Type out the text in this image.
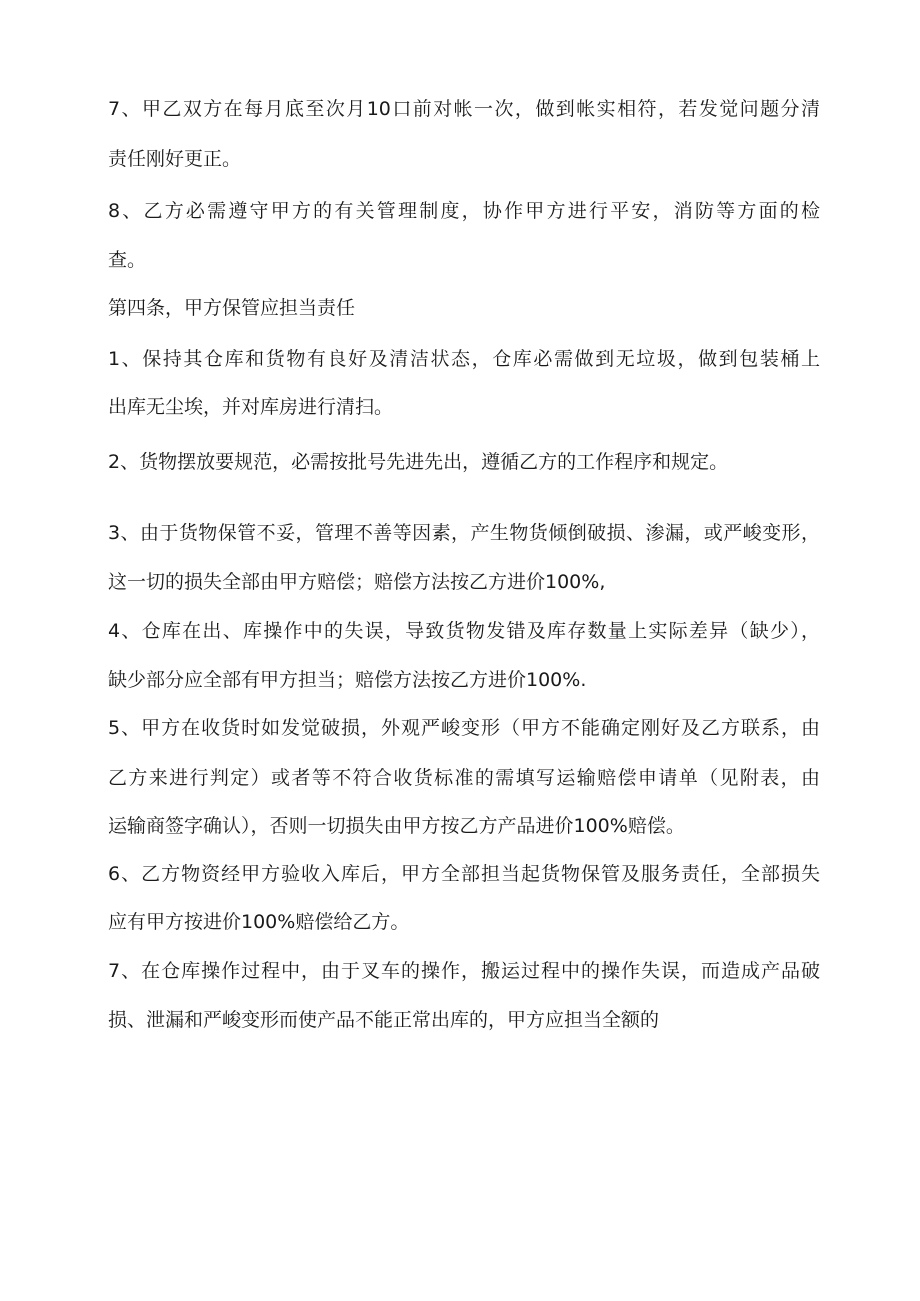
7、甲乙双方在每月底至次月10口前对帐一次，做到帐实相符，若发觉问题分清
责任刚好更正。
8、乙方必需遵守甲方的有关管理制度，协作甲方进行平安，消防等方面的检
查。
第四条，甲方保管应担当责任
1、保持其仓库和货物有良好及清洁状态，仓库必需做到无垃圾，做到包装桶上
出库无尘埃，并对库房进行清扫。
2、货物摆放要规范，必需按批号先进先出，遵循乙方的工作程序和规定。
3、由于货物保管不妥，管理不善等因素，产生物货倾倒破损、渗漏，或严峻变形，
这一切的损失全部由甲方赔偿；赔偿方法按乙方进价100%,
4、仓库在出、库操作中的失误，导致货物发错及库存数量上实际差异（缺少），
缺少部分应全部有甲方担当；赔偿方法按乙方进价100%.
5、甲方在收货时如发觉破损，外观严峻变形（甲方不能确定刚好及乙方联系，由
乙方来进行判定）或者等不符合收货标准的需填写运输赔偿申请单（见附表，由
运输商签字确认），否则一切损失由甲方按乙方产品进价100%赔偿。
6、乙方物资经甲方验收入库后，甲方全部担当起货物保管及服务责任，全部损失
应有甲方按进价100%赔偿给乙方。
7、在仓库操作过程中，由于叉车的操作，搬运过程中的操作失误，而造成产品破
损、泄漏和严峻变形而使产品不能正常出库的，甲方应担当全额的
